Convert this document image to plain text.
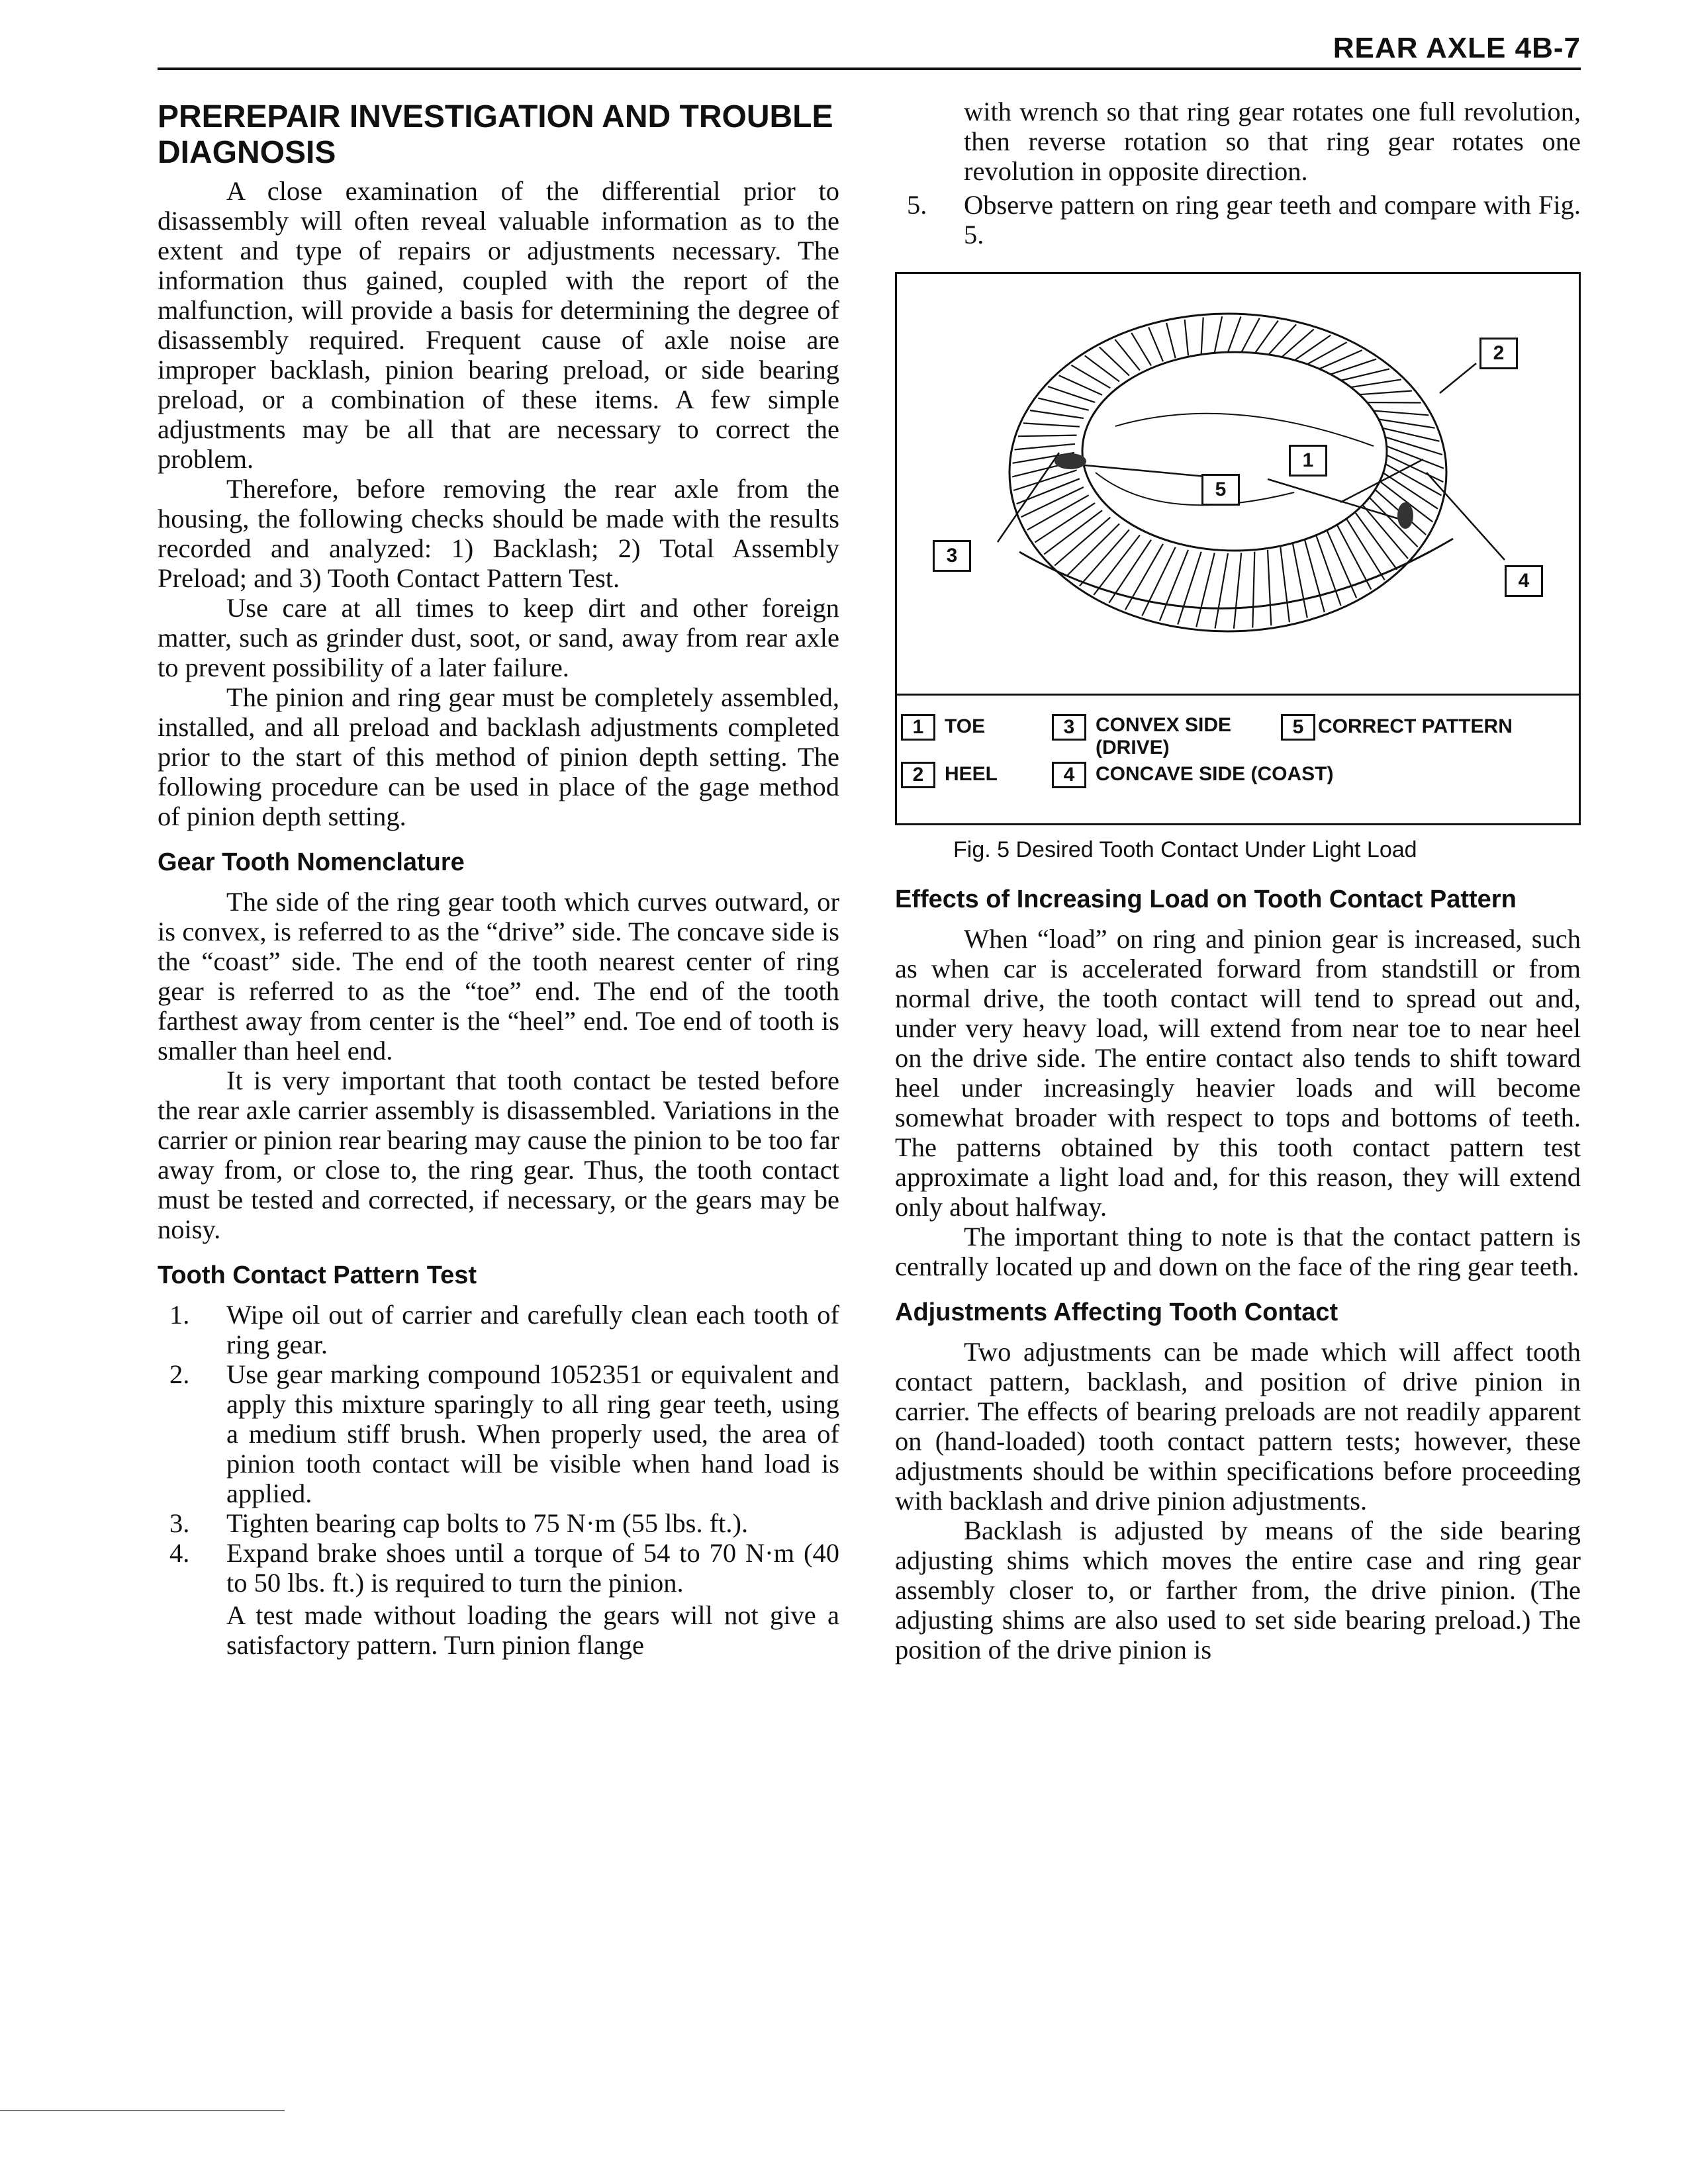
REAR AXLE 4B-7
PREREPAIR INVESTIGATION AND TROUBLE DIAGNOSIS

A close examination of the differential prior to disassembly will often reveal valuable information as to the extent and type of repairs or adjustments necessary. The information thus gained, coupled with the report of the malfunction, will provide a basis for determining the degree of disassembly required. Frequent cause of axle noise are improper backlash, pinion bearing preload, or side bearing preload, or a combination of these items. A few simple adjustments may be all that are necessary to correct the problem.

Therefore, before removing the rear axle from the housing, the following checks should be made with the results recorded and analyzed: 1) Backlash; 2) Total Assembly Preload; and 3) Tooth Contact Pattern Test.

Use care at all times to keep dirt and other foreign matter, such as grinder dust, soot, or sand, away from rear axle to prevent possibility of a later failure.

The pinion and ring gear must be completely assembled, installed, and all preload and backlash adjustments completed prior to the start of this method of pinion depth setting. The following procedure can be used in place of the gage method of pinion depth setting.

Gear Tooth Nomenclature

The side of the ring gear tooth which curves outward, or is convex, is referred to as the “drive” side. The concave side is the “coast” side. The end of the tooth nearest center of ring gear is referred to as the “toe” end. The end of the tooth farthest away from center is the “heel” end. Toe end of tooth is smaller than heel end.

It is very important that tooth contact be tested before the rear axle carrier assembly is disassembled. Variations in the carrier or pinion rear bearing may cause the pinion to be too far away from, or close to, the ring gear. Thus, the tooth contact must be tested and corrected, if necessary, or the gears may be noisy.

Tooth Contact Pattern Test
1. Wipe oil out of carrier and carefully clean each tooth of ring gear.
2. Use gear marking compound 1052351 or equivalent and apply this mixture sparingly to all ring gear teeth, using a medium stiff brush. When properly used, the area of pinion tooth contact will be visible when hand load is applied.
3. Tighten bearing cap bolts to 75 N·m (55 lbs. ft.).
4. Expand brake shoes until a torque of 54 to 70 N·m (40 to 50 lbs. ft.) is required to turn the pinion.

A test made without loading the gears will not give a satisfactory pattern. Turn pinion flange

with wrench so that ring gear rotates one full revolution, then reverse rotation so that ring gear rotates one revolution in opposite direction.

5. Observe pattern on ring gear teeth and compare with Fig. 5.
2
1
5
3
4
1 TOE
2 HEEL
3	CONVEX SIDE (DRIVE)
4 CONCAVE SIDE (COAST)
5 CORRECT PATTERN
Fig. 5 Desired Tooth Contact Under Light Load
Effects of Increasing Load on Tooth Contact Pattern

When “load” on ring and pinion gear is increased, such as when car is accelerated forward from standstill or from normal drive, the tooth contact will tend to spread out and, under very heavy load, will extend from near toe to near heel on the drive side. The entire contact also tends to shift toward heel under increasingly heavier loads and will become somewhat broader with respect to tops and bottoms of teeth. The patterns obtained by this tooth contact pattern test approximate a light load and, for this reason, they will extend only about halfway.

The important thing to note is that the contact pattern is centrally located up and down on the face of the ring gear teeth.

Adjustments Affecting Tooth Contact

Two adjustments can be made which will affect tooth contact pattern, backlash, and position of drive pinion in carrier. The effects of bearing preloads are not readily apparent on (hand-loaded) tooth contact pattern tests; however, these adjustments should be within specifications before proceeding with backlash and drive pinion adjustments.

Backlash is adjusted by means of the side bearing adjusting shims which moves the entire case and ring gear assembly closer to, or farther from, the drive pinion. (The adjusting shims are also used to set side bearing preload.) The position of the drive pinion is
